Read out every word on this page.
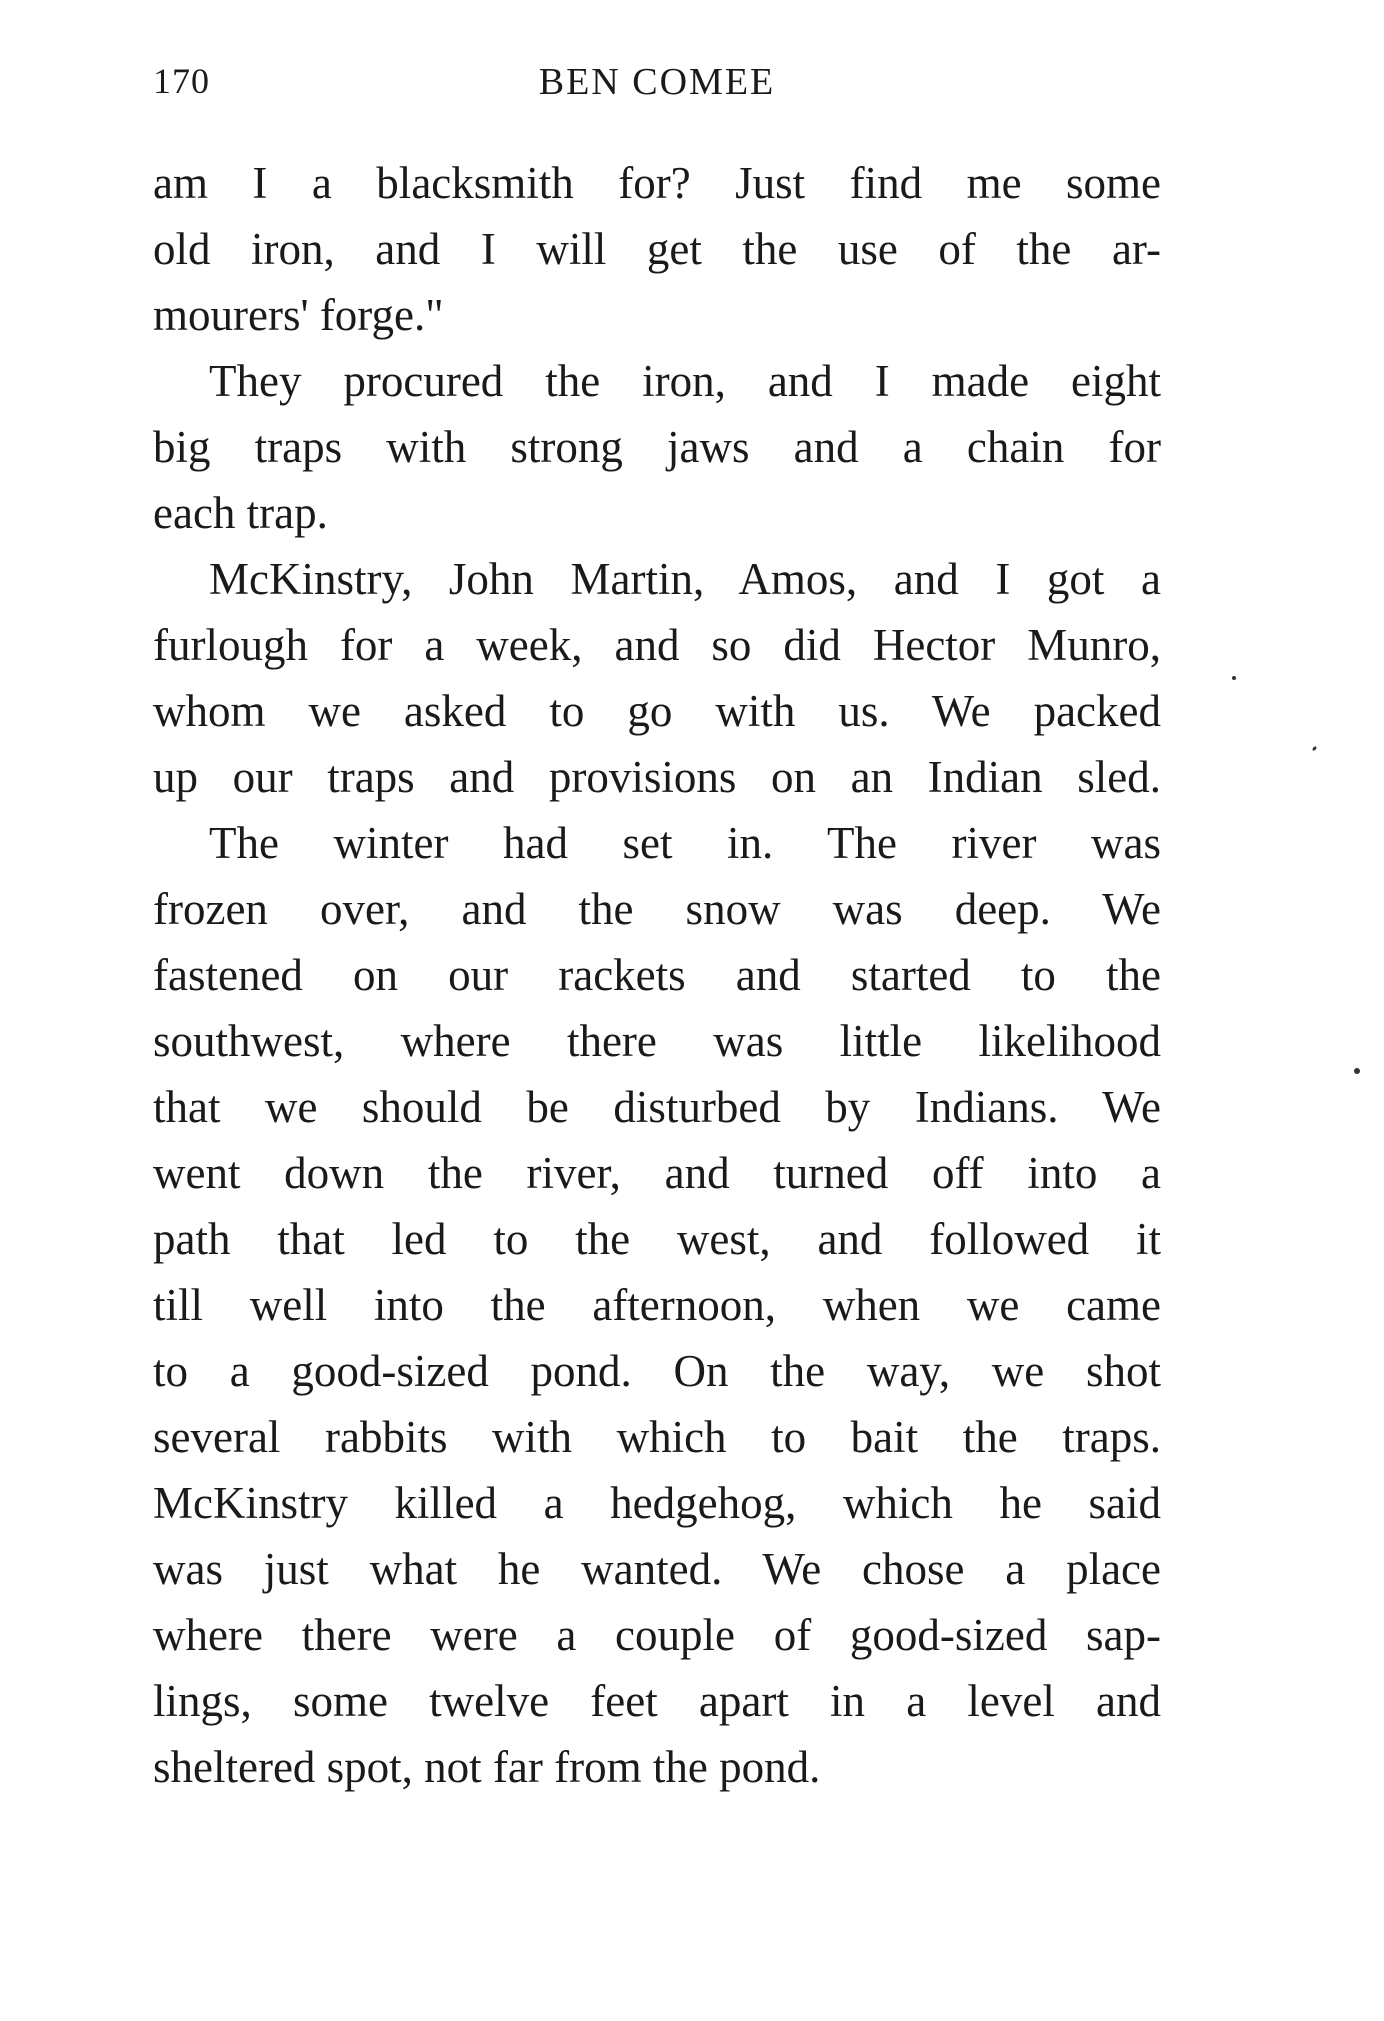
170	BEN COMEE
am I a blacksmith for? Just find me some
old iron, and I will get the use of the ar-
mourers' forge."
They procured the iron, and I made eight
big traps with strong jaws and a chain for
each trap.
McKinstry, John Martin, Amos, and I got a
furlough for a week, and so did Hector Munro,
whom we asked to go with us. We packed
up our traps and provisions on an Indian sled.
The winter had set in. The river was
frozen over, and the snow was deep. We
fastened on our rackets and started to the
southwest, where there was little likelihood
that we should be disturbed by Indians. We
went down the river, and turned off into a
path that led to the west, and followed it
till well into the afternoon, when we came
to a good-sized pond. On the way, we shot
several rabbits with which to bait the traps.
McKinstry killed a hedgehog, which he said
was just what he wanted. We chose a place
where there were a couple of good-sized sap-
lings, some twelve feet apart in a level and
sheltered spot, not far from the pond.
